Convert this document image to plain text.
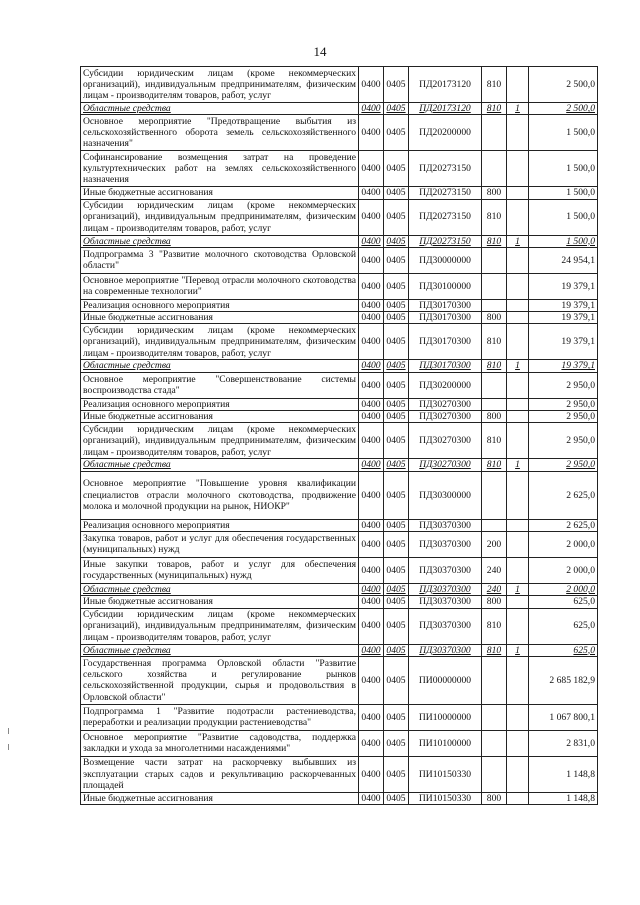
14
Субсидии юридическим лицам (кроме некоммерческих организаций), индивидуальным предпринимателям, физическим лицам - производителям товаров, работ, услуг	0400	0405	ПД20173120	810		2 500,0
Областные средства	0400	0405	ПД20173120	810	1	2 500,0
Основное мероприятие "Предотвращение выбытия из сельскохозяйственного оборота земель сельскохозяйственного назначения"	0400	0405	ПД20200000			1 500,0
Софинансирование возмещения затрат на проведение культуртехнических работ на землях сельскохозяйственного назначения	0400	0405	ПД20273150			1 500,0
Иные бюджетные ассигнования	0400	0405	ПД20273150	800		1 500,0
Субсидии юридическим лицам (кроме некоммерческих организаций), индивидуальным предпринимателям, физическим лицам - производителям товаров, работ, услуг	0400	0405	ПД20273150	810		1 500,0
Областные средства	0400	0405	ПД20273150	810	1	1 500,0
Подпрограмма 3 "Развитие молочного скотоводства Орловской области"	0400	0405	ПД30000000			24 954,1
Основное мероприятие "Перевод отрасли молочного скотоводства на современные технологии"	0400	0405	ПД30100000			19 379,1
Реализация основного мероприятия	0400	0405	ПД30170300			19 379,1
Иные бюджетные ассигнования	0400	0405	ПД30170300	800		19 379,1
Субсидии юридическим лицам (кроме некоммерческих организаций), индивидуальным предпринимателям, физическим лицам - производителям товаров, работ, услуг	0400	0405	ПД30170300	810		19 379,1
Областные средства	0400	0405	ПД30170300	810	1	19 379,1
Основное мероприятие "Совершенствование системы воспроизводства стада"	0400	0405	ПД30200000			2 950,0
Реализация основного мероприятия	0400	0405	ПД30270300			2 950,0
Иные бюджетные ассигнования	0400	0405	ПД30270300	800		2 950,0
Субсидии юридическим лицам (кроме некоммерческих организаций), индивидуальным предпринимателям, физическим лицам - производителям товаров, работ, услуг	0400	0405	ПД30270300	810		2 950,0
Областные средства	0400	0405	ПД30270300	810	1	2 950,0
Основное мероприятие "Повышение уровня квалификации специалистов отрасли молочного скотоводства, продвижение молока и молочной продукции на рынок, НИОКР"	0400	0405	ПД30300000			2 625,0
Реализация основного мероприятия	0400	0405	ПД30370300			2 625,0
Закупка товаров, работ и услуг для обеспечения государственных (муниципальных) нужд	0400	0405	ПД30370300	200		2 000,0
Иные закупки товаров, работ и услуг для обеспечения государственных (муниципальных) нужд	0400	0405	ПД30370300	240		2 000,0
Областные средства	0400	0405	ПД30370300	240	1	2 000,0
Иные бюджетные ассигнования	0400	0405	ПД30370300	800		625,0
Субсидии юридическим лицам (кроме некоммерческих организаций), индивидуальным предпринимателям, физическим лицам - производителям товаров, работ, услуг	0400	0405	ПД30370300	810		625,0
Областные средства	0400	0405	ПД30370300	810	1	625,0
Государственная программа Орловской области "Развитие сельского хозяйства и регулирование рынков сельскохозяйственной продукции, сырья и продовольствия в Орловской области"	0400	0405	ПИ00000000			2 685 182,9
Подпрограмма 1 "Развитие подотрасли растениеводства, переработки и реализации продукции растениеводства"	0400	0405	ПИ10000000			1 067 800,1
Основное мероприятие "Развитие садоводства, поддержка закладки и ухода за многолетними насаждениями"	0400	0405	ПИ10100000			2 831,0
Возмещение части затрат на раскорчевку выбывших из эксплуатации старых садов и рекультивацию раскорчеванных площадей	0400	0405	ПИ10150330			1 148,8
Иные бюджетные ассигнования	0400	0405	ПИ10150330	800		1 148,8
